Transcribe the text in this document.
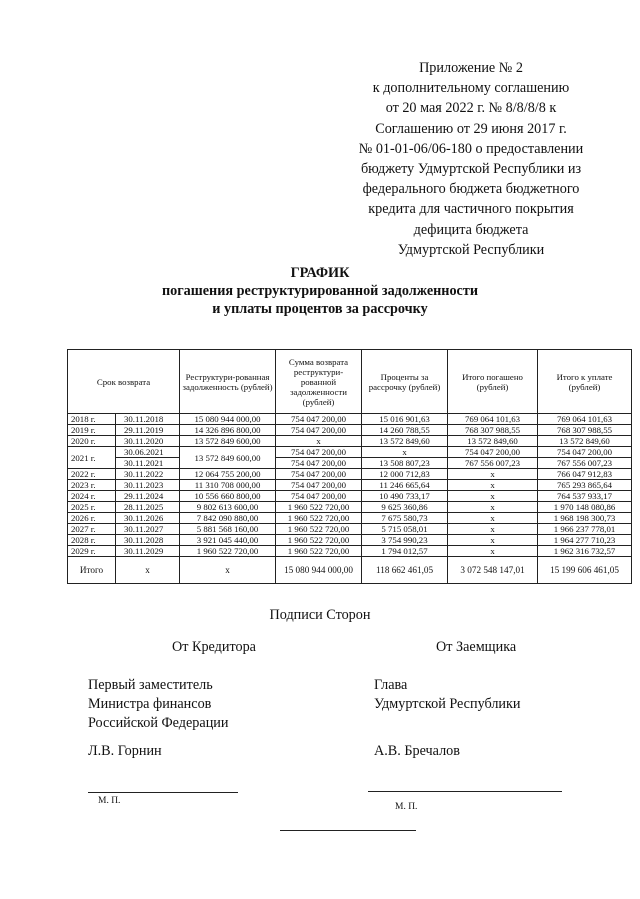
Приложение № 2
к дополнительному соглашению
от 20 мая 2022 г. № 8/8/8/8 к
Соглашению от 29 июня 2017 г.
№ 01-01-06/06-180 о предоставлении
бюджету Удмуртской Республики из
федерального бюджета бюджетного
кредита для частичного покрытия
дефицита бюджета
Удмуртской Республики
ГРАФИК
погашения реструктурированной задолженности
и уплаты процентов за рассрочку
Срок возврата		Реструктури-рованная задолженность (рублей)	Сумма возврата реструктури-рованной задолженности (рублей)	Проценты за рассрочку (рублей)	Итого погашено (рублей)	Итого к уплате (рублей)
2018 г.	30.11.2018	15 080 944 000,00	754 047 200,00	15 016 901,63	769 064 101,63	769 064 101,63
2019 г.	29.11.2019	14 326 896 800,00	754 047 200,00	14 260 788,55	768 307 988,55	768 307 988,55
2020 г.	30.11.2020	13 572 849 600,00	х	13 572 849,60	13 572 849,60	13 572 849,60
2021 г.	30.06.2021	13 572 849 600,00	754 047 200,00	х	754 047 200,00	754 047 200,00
	30.11.2021		754 047 200,00	13 508 807,23	767 556 007,23	767 556 007,23
2022 г.	30.11.2022	12 064 755 200,00	754 047 200,00	12 000 712,83	х	766 047 912,83
2023 г.	30.11.2023	11 310 708 000,00	754 047 200,00	11 246 665,64	х	765 293 865,64
2024 г.	29.11.2024	10 556 660 800,00	754 047 200,00	10 490 733,17	х	764 537 933,17
2025 г.	28.11.2025	9 802 613 600,00	1 960 522 720,00	9 625 360,86	х	1 970 148 080,86
2026 г.	30.11.2026	7 842 090 880,00	1 960 522 720,00	7 675 580,73	х	1 968 198 300,73
2027 г.	30.11.2027	5 881 568 160,00	1 960 522 720,00	5 715 058,01	х	1 966 237 778,01
2028 г.	30.11.2028	3 921 045 440,00	1 960 522 720,00	3 754 990,23	х	1 964 277 710,23
2029 г.	30.11.2029	1 960 522 720,00	1 960 522 720,00	1 794 012,57	х	1 962 316 732,57
Итого	х	х	15 080 944 000,00	118 662 461,05	3 072 548 147,01	15 199 606 461,05
Подписи Сторон
От Кредитора
Первый заместитель
Министра финансов
Российской Федерации
Л.В. Горнин
М. П.
От Заемщика
Глава
Удмуртской Республики
А.В. Бречалов
М. П.
